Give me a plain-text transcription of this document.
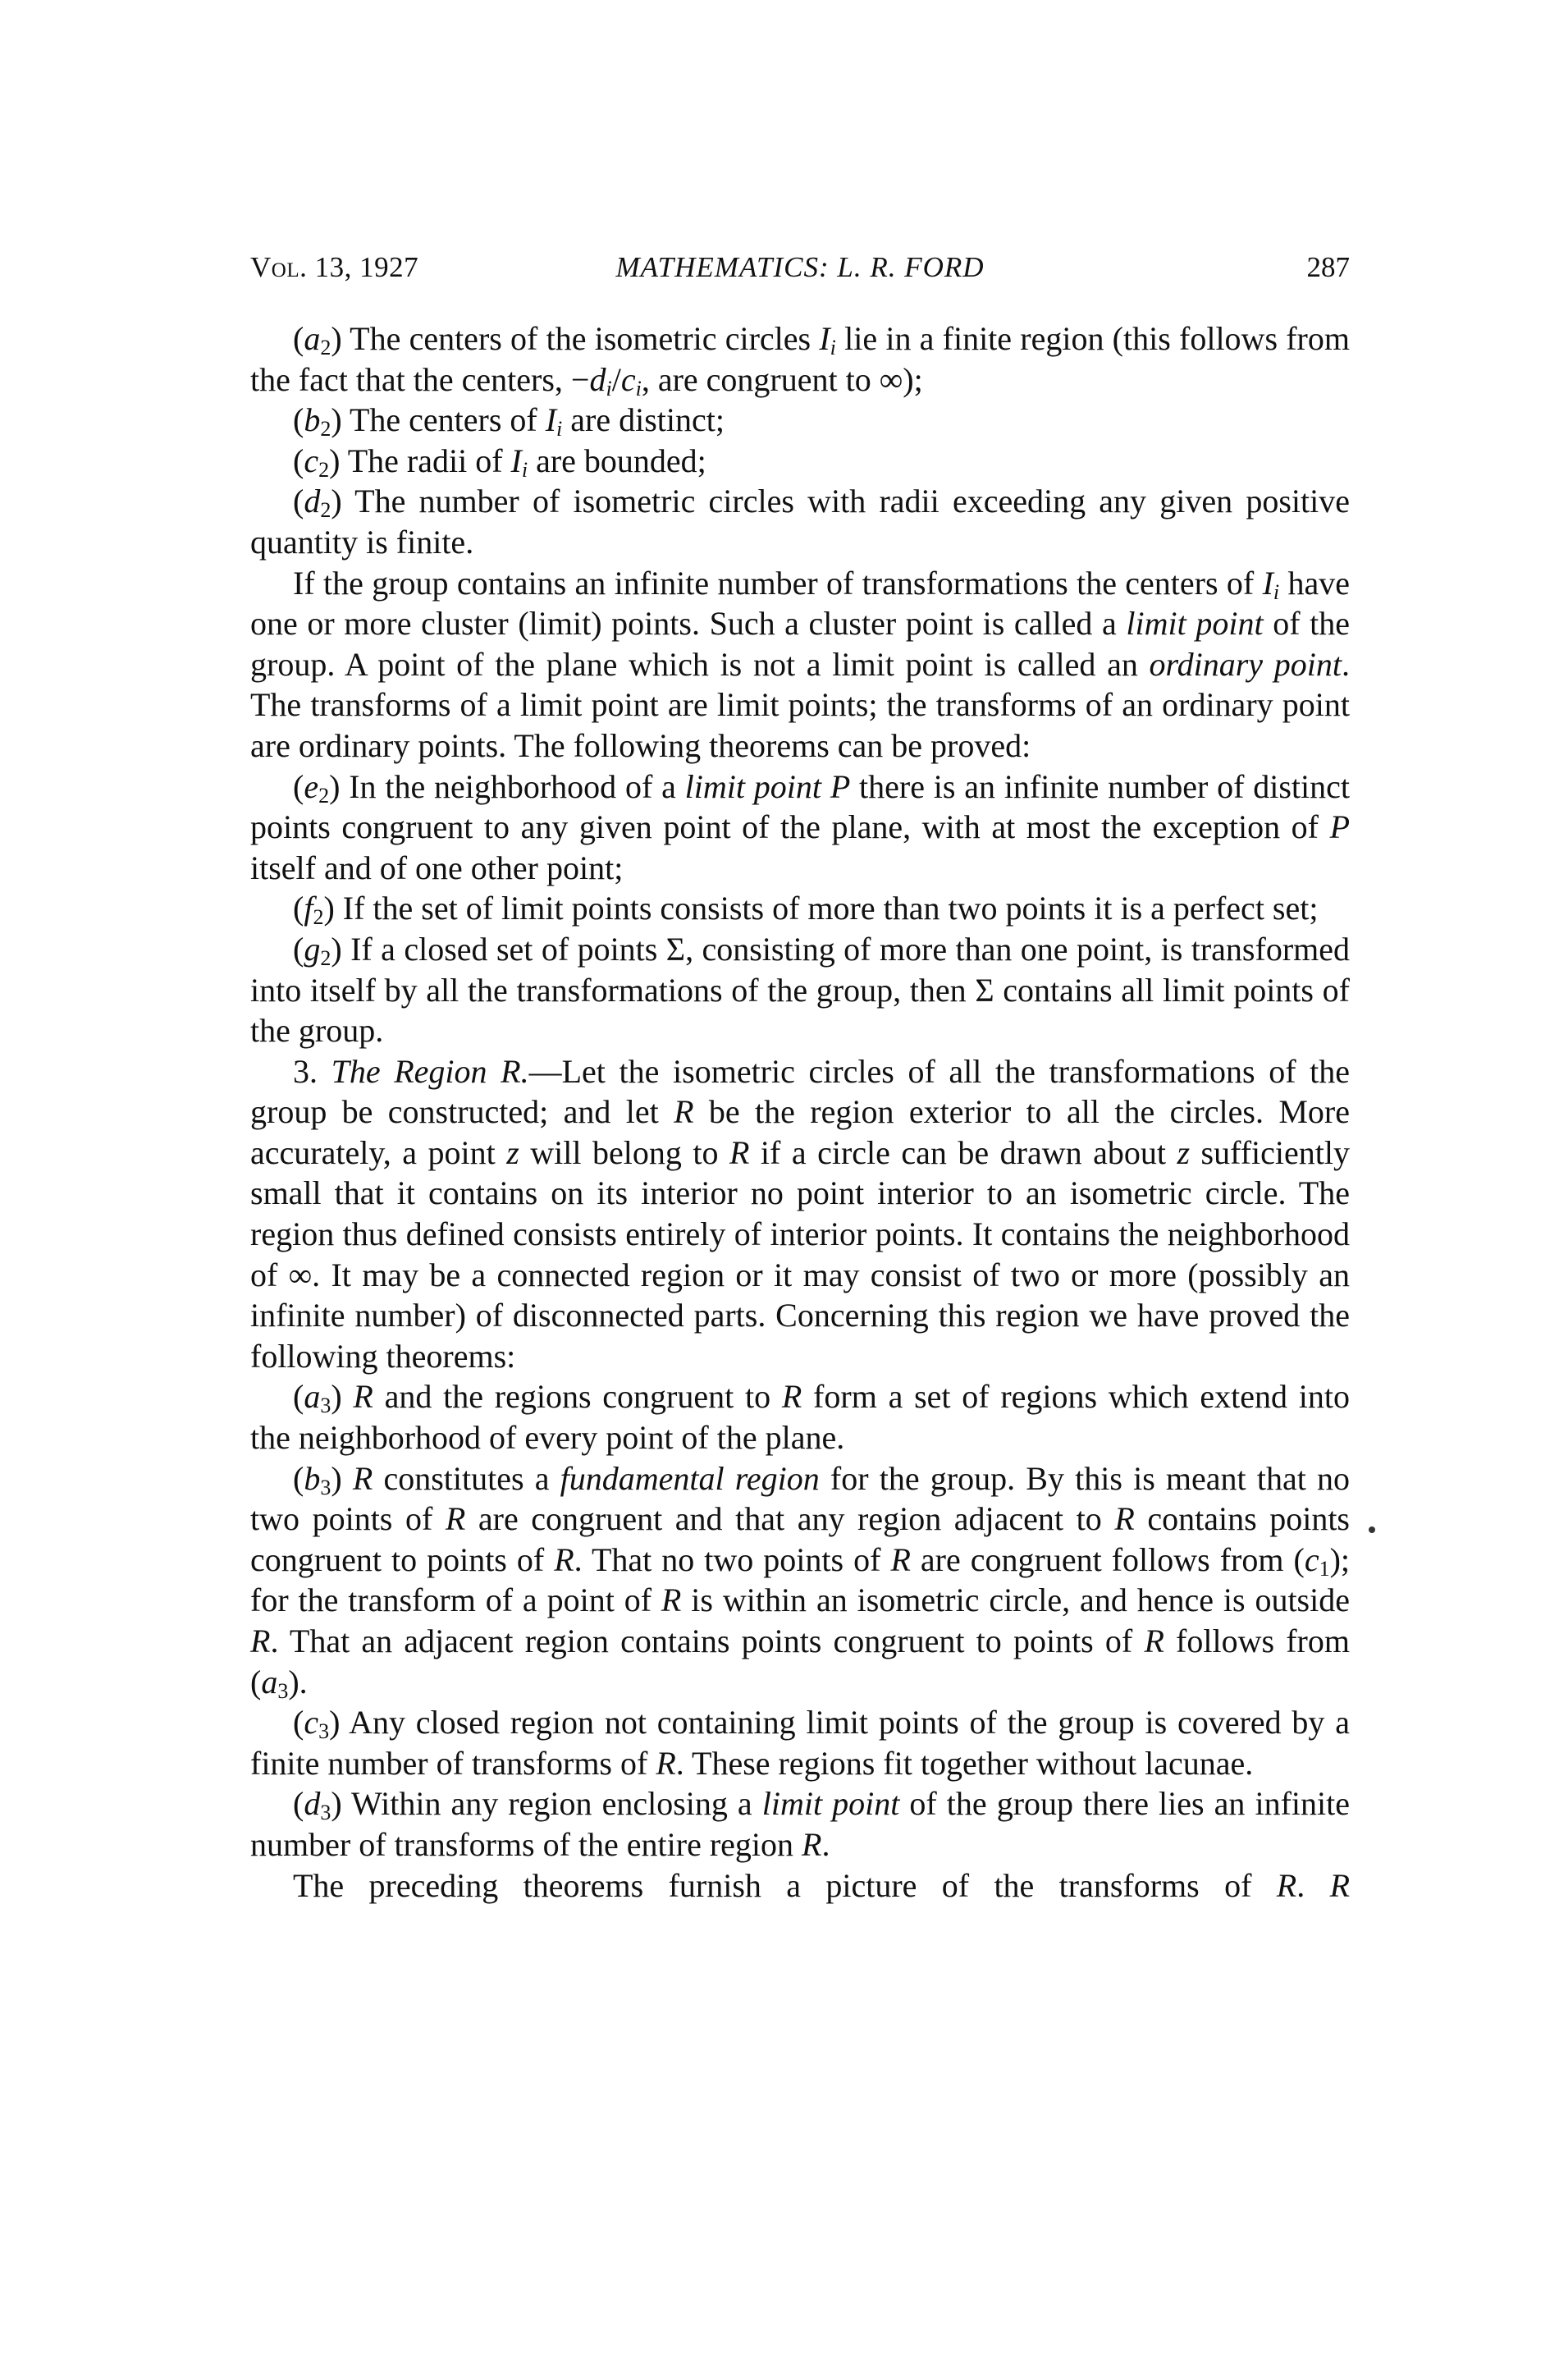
Vol. 13, 1927	MATHEMATICS: L. R. FORD	287

$(a_2)$ The centers of the isometric circles $I_i$ lie in a finite region (this follows from the fact that the centers, $-d_i/c_i$, are congruent to ∞);

$(b_2)$ The centers of $I_i$ are distinct;

$(c_2)$ The radii of $I_i$ are bounded;

$(d_2)$ The number of isometric circles with radii exceeding any given positive quantity is finite.

If the group contains an infinite number of transformations the centers of $I_i$ have one or more cluster (limit) points. Such a cluster point is called a limit point of the group. A point of the plane which is not a limit point is called an ordinary point. The transforms of a limit point are limit points; the transforms of an ordinary point are ordinary points. The following theorems can be proved:

$(e_2)$ In the neighborhood of a limit point P there is an infinite number of distinct points congruent to any given point of the plane, with at most the exception of P itself and of one other point;

$(f_2)$ If the set of limit points consists of more than two points it is a perfect set;

$(g_2)$ If a closed set of points Σ, consisting of more than one point, is transformed into itself by all the transformations of the group, then Σ contains all limit points of the group.

3. The Region R.—Let the isometric circles of all the transformations of the group be constructed; and let R be the region exterior to all the circles. More accurately, a point z will belong to R if a circle can be drawn about z sufficiently small that it contains on its interior no point interior to an isometric circle. The region thus defined consists entirely of interior points. It contains the neighborhood of ∞. It may be a connected region or it may consist of two or more (possibly an infinite number) of disconnected parts. Concerning this region we have proved the following theorems:

$(a_3)$ R and the regions congruent to R form a set of regions which extend into the neighborhood of every point of the plane.

$(b_3)$ R constitutes a fundamental region for the group. By this is meant that no two points of R are congruent and that any region adjacent to R contains points congruent to points of R. That no two points of R are congruent follows from $(c_1)$; for the transform of a point of R is within an isometric circle, and hence is outside R. That an adjacent region contains points congruent to points of R follows from $(a_3)$.

$(c_3)$ Any closed region not containing limit points of the group is covered by a finite number of transforms of R. These regions fit together without lacunae.

$(d_3)$ Within any region enclosing a limit point of the group there lies an infinite number of transforms of the entire region R.

The preceding theorems furnish a picture of the transforms of R. R
